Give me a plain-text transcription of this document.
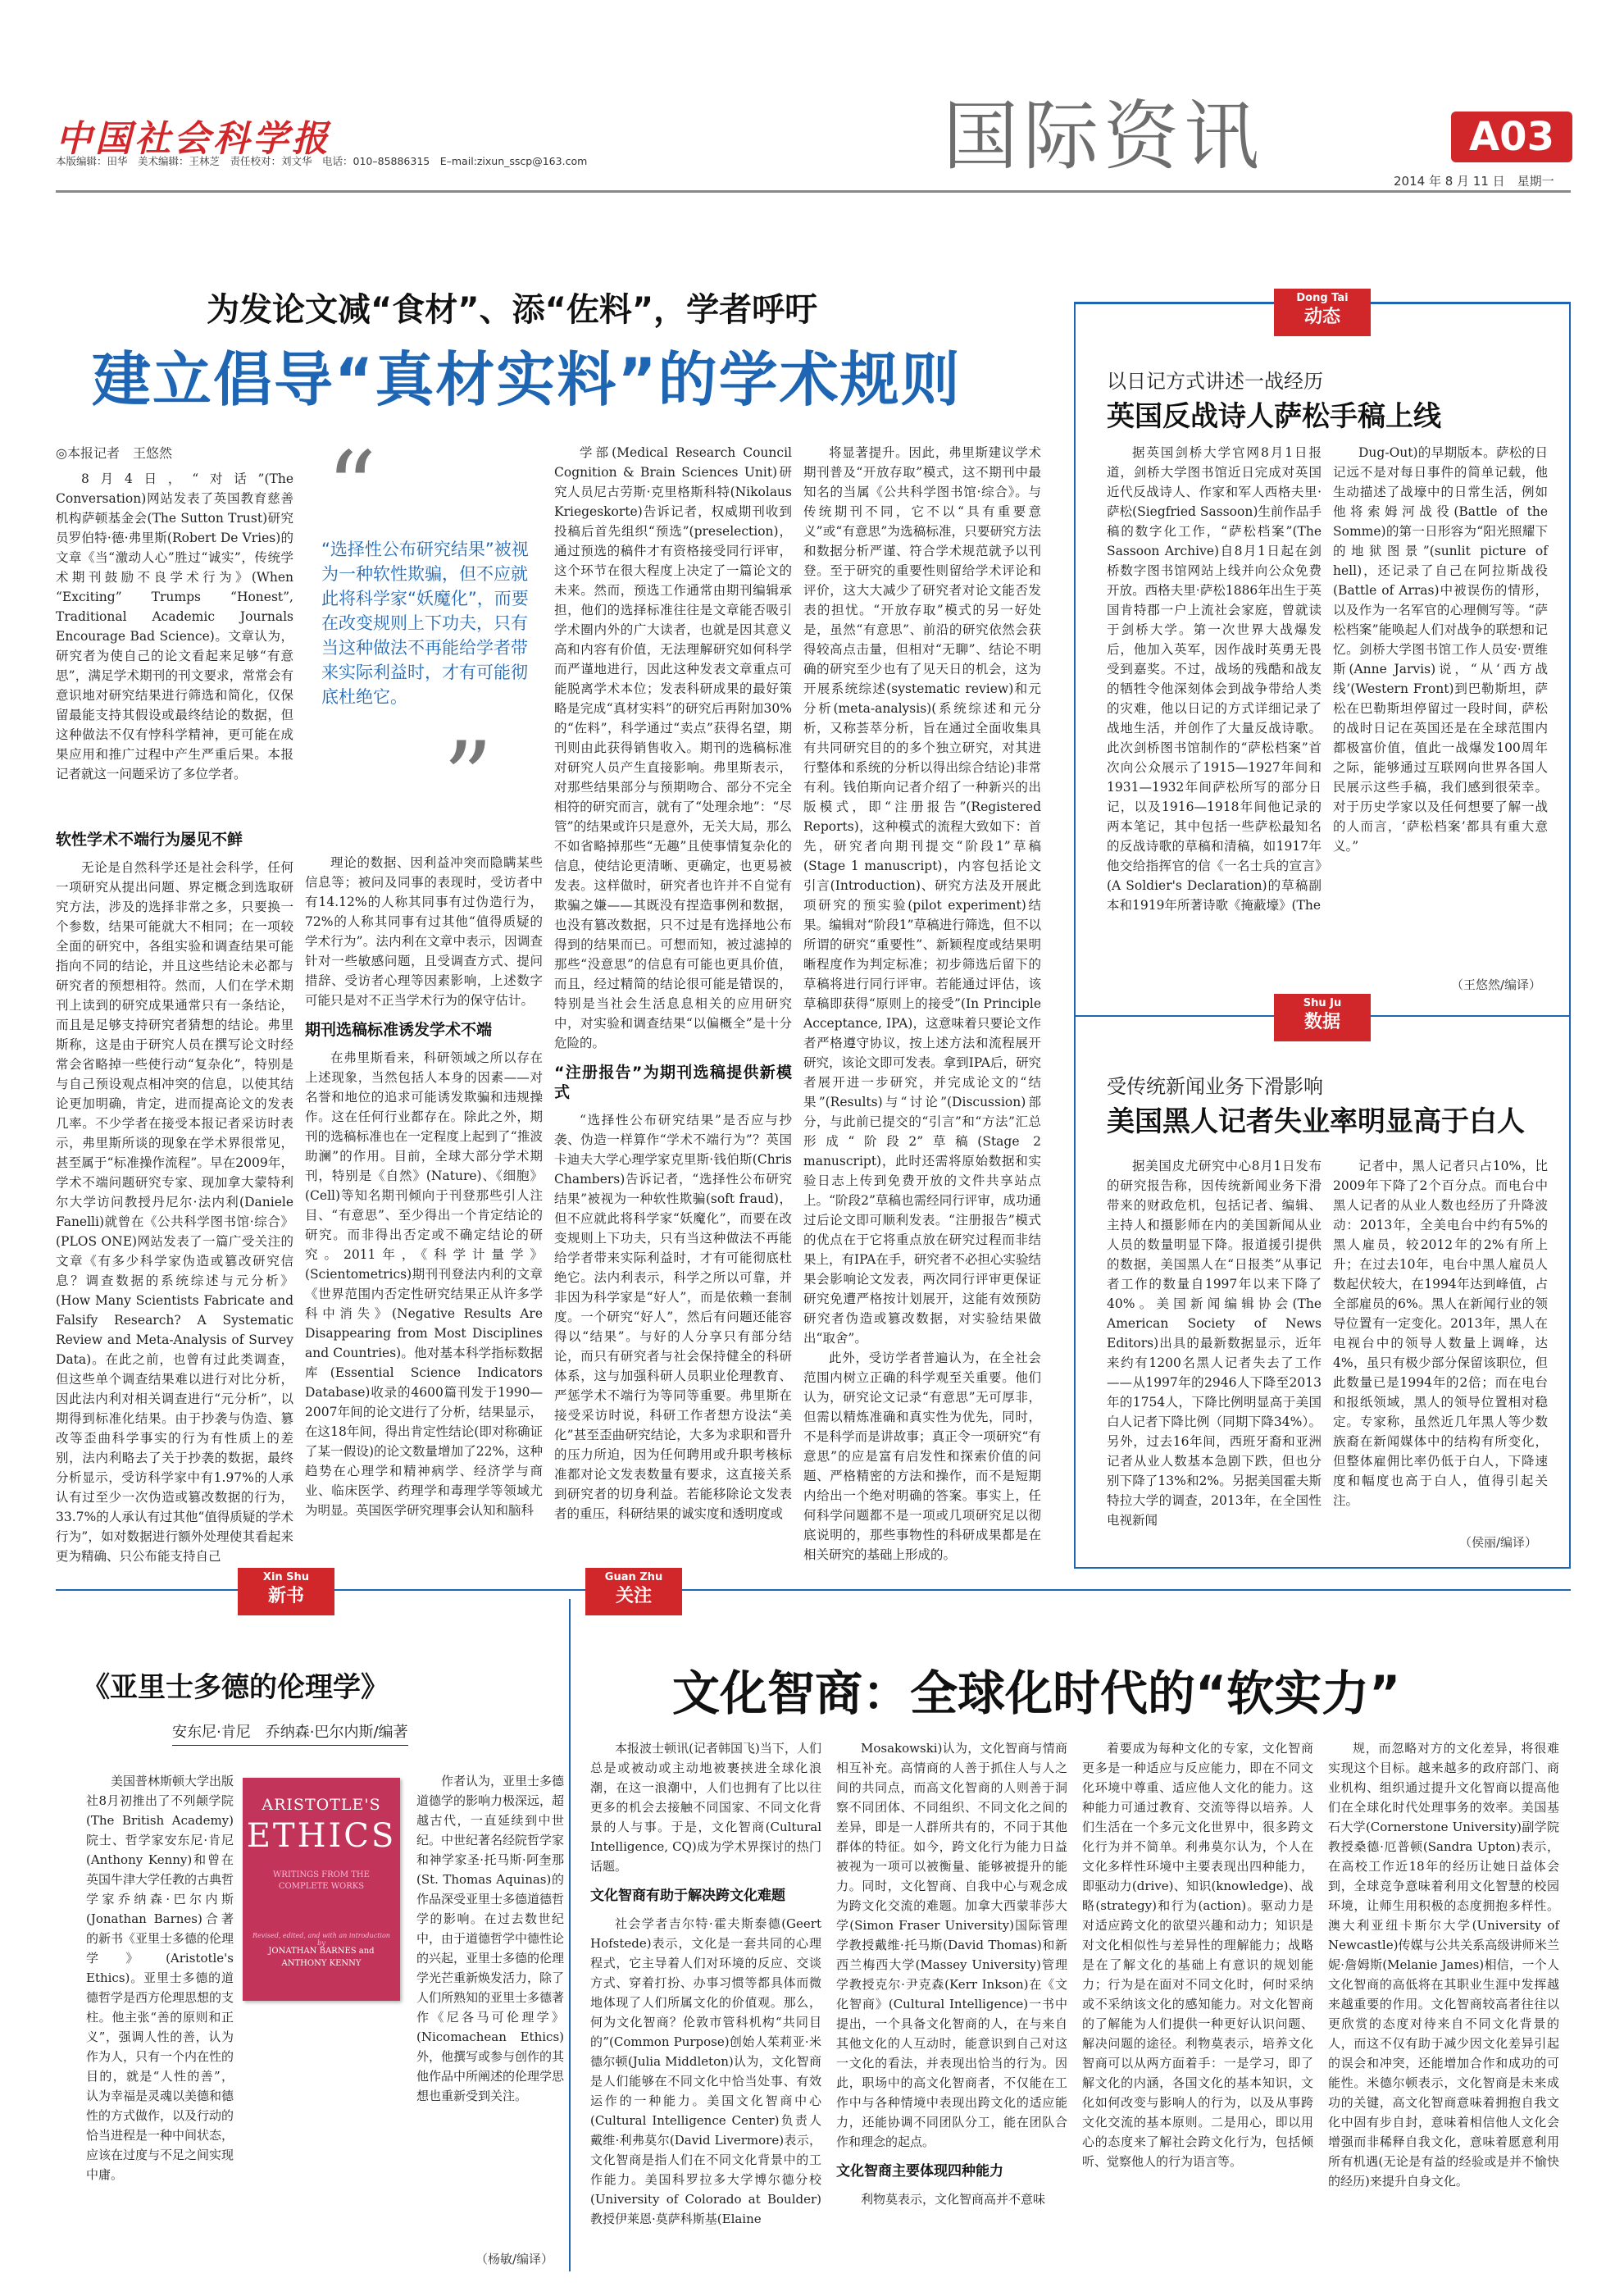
中国社会科学报
本版编辑：田华　美术编辑：王林芝　责任校对：刘文华　电话：010–85886315　E–mail:zixun_sscp@163.com	国际资讯	A03
2014 年 8 月 11 日　星期一
为发论文减“食材”、添“佐料”，学者呼吁
建立倡导“真材实料”的学术规则
◎本报记者　王悠然

8月4日，“对话”(The Conversation)网站发表了英国教育慈善机构萨顿基金会(The Sutton Trust)研究员罗伯特·德·弗里斯(Robert De Vries)的文章《当“激动人心”胜过“诚实”，传统学术期刊鼓励不良学术行为》(When “Exciting” Trumps “Honest”, Traditional Academic Journals Encourage Bad Science)。文章认为，研究者为使自己的论文看起来足够“有意思”，满足学术期刊的刊文要求，常常会有意识地对研究结果进行筛选和简化，仅保留最能支持其假设或最终结论的数据，但这种做法不仅有悖科学精神，更可能在成果应用和推广过程中产生严重后果。本报记者就这一问题采访了多位学者。

“
“选择性公布研究结果”被视为一种软性欺骗，但不应就此将科学家“妖魔化”，而要在改变规则上下功夫，只有当这种做法不再能给学者带来实际利益时，才有可能彻底杜绝它。
”
软性学术不端行为屡见不鲜

无论是自然科学还是社会科学，任何一项研究从提出问题、界定概念到选取研究方法，涉及的选择非常之多，只要换一个参数，结果可能就大不相同；在一项较全面的研究中，各组实验和调查结果可能指向不同的结论，并且这些结论未必都与研究者的预想相符。然而，人们在学术期刊上读到的研究成果通常只有一条结论，而且是足够支持研究者猜想的结论。弗里斯称，这是由于研究人员在撰写论文时经常会省略掉一些使行动“复杂化”，特别是与自己预设观点相冲突的信息，以使其结论更加明确，肯定，进而提高论文的发表几率。不少学者在接受本报记者采访时表示，弗里斯所谈的现象在学术界很常见，甚至属于“标准操作流程”。早在2009年，学术不端问题研究专家、现加拿大蒙特利尔大学访问教授丹尼尔·法内利(Daniele Fanelli)就曾在《公共科学图书馆·综合》(PLOS ONE)网站发表了一篇广受关注的文章《有多少科学家伪造或篡改研究信息？调查数据的系统综述与元分析》(How Many Scientists Fabricate and Falsify Research? A Systematic Review and Meta-Analysis of Survey Data)。在此之前，也曾有过此类调查，但这些单个调查结果难以进行对比分析，因此法内利对相关调查进行“元分析”，以期得到标准化结果。由于抄袭与伪造、篡改等歪曲科学事实的行为有性质上的差别，法内利略去了关于抄袭的数据，最终分析显示，受访科学家中有1.97%的人承认有过至少一次伪造或篡改数据的行为，33.7%的人承认有过其他“值得质疑的学术行为”，如对数据进行额外处理使其看起来更为精确、只公布能支持自己

理论的数据、因利益冲突而隐瞒某些信息等；被问及同事的表现时，受访者中有14.12%的人称其同事有过伪造行为，72%的人称其同事有过其他“值得质疑的学术行为”。法内利在文章中表示，因调查针对一些敏感问题，且受调查方式、提问措辞、受访者心理等因素影响，上述数字可能只是对不正当学术行为的保守估计。

期刊选稿标准诱发学术不端

在弗里斯看来，科研领域之所以存在上述现象，当然包括人本身的因素——对名誉和地位的追求可能诱发欺骗和违规操作。这在任何行业都存在。除此之外，期刊的选稿标准也在一定程度上起到了“推波助澜”的作用。目前，全球大部分学术期刊，特别是《自然》(Nature)、《细胞》(Cell)等知名期刊倾向于刊登那些引人注目、“有意思”、至少得出一个肯定结论的研究。而非得出否定或不确定结论的研究。2011年，《科学计量学》(Scientometrics)期刊刊登法内利的文章《世界范围内否定性研究结果正从许多学科中消失》(Negative Results Are Disappearing from Most Disciplines and Countries)。他对基本科学指标数据库(Essential Science Indicators Database)收录的4600篇刊发于1990—2007年间的论文进行了分析，结果显示，在这18年间，得出肯定性结论(即对称确证了某一假设)的论文数量增加了22%，这种趋势在心理学和精神病学、经济学与商业、临床医学、药理学和毒理学等领域尤为明显。英国医学研究理事会认知和脑科

学部(Medical Research Council Cognition & Brain Sciences Unit)研究人员尼古劳斯·克里格斯科特(Nikolaus Kriegeskorte)告诉记者，权威期刊收到投稿后首先组织“预选”(preselection)，通过预选的稿件才有资格接受同行评审，这个环节在很大程度上决定了一篇论文的未来。然而，预选工作通常由期刊编辑承担，他们的选择标准往往是文章能否吸引学术圈内外的广大读者，也就是因其意义高和内容有价值，无法理解研究如何科学而严谨地进行，因此这种发表文章重点可能脱离学术本位；发表科研成果的最好策略是完成“真材实料”的研究后再附加30%的“佐料”，科学通过“卖点”获得名望，期刊则由此获得销售收入。期刊的选稿标准对研究人员产生直接影响。弗里斯表示，对那些结果部分与预期吻合、部分不完全相符的研究而言，就有了“处理余地”：“尽管”的结果或许只是意外，无关大局，那么不如省略掉那些“无趣”且使事情复杂化的信息，使结论更清晰、更确定，也更易被发表。这样做时，研究者也许并不自觉有欺骗之嫌——其既没有捏造事例和数据，也没有篡改数据，只不过是有选择地公布得到的结果而已。可想而知，被过滤掉的那些“没意思”的信息有可能也更具价值，而且，经过精简的结论很可能是错误的，特别是当社会生活息息相关的应用研究中，对实验和调查结果“以偏概全”是十分危险的。

“注册报告”为期刊选稿提供新模式

“选择性公布研究结果”是否应与抄袭、伪造一样算作“学术不端行为”？英国卡迪夫大学心理学家克里斯·钱伯斯(Chris Chambers)告诉记者，“选择性公布研究结果”被视为一种软性欺骗(soft fraud)，但不应就此将科学家“妖魔化”，而要在改变规则上下功夫，只有当这种做法不再能给学者带来实际利益时，才有可能彻底杜绝它。法内利表示，科学之所以可靠，并非因为科学家是“好人”，而是依赖一套制度。一个研究“好人”，然后有问题还能容得以“结果”。与好的人分享只有部分结论，而只有研究者与社会保持健全的科研体系，这与加强科研人员职业伦理教育、严惩学术不端行为等同等重要。弗里斯在接受采访时说，科研工作者想方设法“美化”甚至歪曲研究结论，大多为求职和晋升的压力所迫，因为任何聘用或升职考核标准都对论文发表数量有要求，这直接关系到研究者的切身利益。若能移除论文发表者的重压，科研结果的诚实度和透明度或

将显著提升。因此，弗里斯建议学术期刊普及“开放存取”模式，这不期刊中最知名的当属《公共科学图书馆·综合》。与传统期刊不同，它不以“具有重要意义”或“有意思”为选稿标准，只要研究方法和数据分析严谨、符合学术规范就予以刊登。至于研究的重要性则留给学术评论和评价，这大大减少了研究者对论文能否发表的担忧。“开放存取”模式的另一好处是，虽然“有意思”、前沿的研究依然会获得较高点击量，但相对“无聊”、结论不明确的研究至少也有了见天日的机会，这为开展系统综述(systematic review)和元分析(meta-analysis)(系统综述和元分析，又称荟萃分析，旨在通过全面收集具有共同研究目的的多个独立研究，对其进行整体和系统的分析以得出综合结论)非常有利。钱伯斯向记者介绍了一种新兴的出版模式，即“注册报告”(Registered Reports)，这种模式的流程大致如下：首先，研究者向期刊提交“阶段1”草稿(Stage 1 manuscript)，内容包括论文引言(Introduction)、研究方法及开展此项研究的预实验(pilot experiment)结果。编辑对“阶段1”草稿进行筛选，但不以所谓的研究“重要性”、新颖程度或结果明晰程度作为判定标准；初步筛选后留下的草稿将进行同行评审。若能通过评估，该草稿即获得“原则上的接受”(In Principle Acceptance, IPA)，这意味着只要论文作者严格遵守协议，按上述方法和流程展开研究，该论文即可发表。拿到IPA后，研究者展开进一步研究，并完成论文的“结果”(Results)与“讨论”(Discussion)部分，与此前已提交的“引言”和“方法”汇总形成“阶段2”草稿(Stage 2 manuscript)，此时还需将原始数据和实验日志上传到免费开放的文件共享站点上。“阶段2”草稿也需经同行评审，成功通过后论文即可顺利发表。“注册报告”模式的优点在于它将重点放在研究过程而非结果上，有IPA在手，研究者不必担心实验结果会影响论文发表，两次同行评审更保证研究免遭严格按计划展开，这能有效预防研究者伪造或篡改数据，对实验结果做出“取舍”。

此外，受访学者普遍认为，在全社会范围内树立正确的科学观至关重要。他们认为，研究论文记录“有意思”无可厚非，但需以精炼准确和真实性为优先，同时，不是科学而是讲故事；真正令一项研究“有意思”的应是富有启发性和探索价值的问题、严格精密的方法和操作，而不是短期内给出一个绝对明确的答案。事实上，任何科学问题都不是一项或几项研究足以彻底说明的，那些事物性的科研成果都是在相关研究的基础上形成的。

Dong Tai
动态
以日记方式讲述一战经历
英国反战诗人萨松手稿上线

据英国剑桥大学官网8月1日报道，剑桥大学图书馆近日完成对英国近代反战诗人、作家和军人西格夫里·萨松(Siegfried Sassoon)生前作品手稿的数字化工作，“萨松档案”(The Sassoon Archive)自8月1日起在剑桥数字图书馆网站上线并向公众免费开放。西格夫里·萨松1886年出生于英国肯特郡一户上流社会家庭，曾就读于剑桥大学。第一次世界大战爆发后，他加入英军，因作战时英勇无畏受到嘉奖。不过，战场的残酷和战友的牺牲令他深刻体会到战争带给人类的灾难，他以日记的方式详细记录了战地生活，并创作了大量反战诗歌。此次剑桥图书馆制作的“萨松档案”首次向公众展示了1915—1927年间和1931—1932年间萨松所写的部分日记，以及1916—1918年间他记录的两本笔记，其中包括一些萨松最知名的反战诗歌的草稿和清稿，如1917年他交给指挥官的信《一名士兵的宣言》(A Soldier's Declaration)的草稿副本和1919年所著诗歌《掩蔽壕》(The

Dug-Out)的早期版本。萨松的日记远不是对每日事件的简单记载，他生动描述了战壕中的日常生活，例如他将索姆河战役(Battle of the Somme)的第一日形容为“阳光照耀下的地狱图景”(sunlit picture of hell)，还记录了自己在阿拉斯战役(Battle of Arras)中被误伤的情形，以及作为一名军官的心理侧写等。“萨松档案”能唤起人们对战争的联想和记忆。剑桥大学图书馆工作人员安·贾维斯(Anne Jarvis)说，“从‘西方战线’(Western Front)到巴勒斯坦，萨松在巴勒斯坦停留过一段时间，萨松的战时日记在英国还是在全球范围内都极富价值，值此一战爆发100周年之际，能够通过互联网向世界各国人民展示这些手稿，我们感到很荣幸。对于历史学家以及任何想要了解一战的人而言，‘萨松档案’都具有重大意义。”

（王悠然/编译）
Shu Ju
数据
受传统新闻业务下滑影响
美国黑人记者失业率明显高于白人

据美国皮尤研究中心8月1日发布的研究报告称，因传统新闻业务下滑带来的财政危机，包括记者、编辑、主持人和摄影师在内的美国新闻从业人员的数量明显下降。报道援引提供的数据，美国黑人在“日报类”从事记者工作的数量自1997年以来下降了40%。美国新闻编辑协会(The American Society of News Editors)出具的最新数据显示，近年来约有1200名黑人记者失去了工作——从1997年的2946人下降至2013年的1754人，下降比例明显高于美国白人记者下降比例（同期下降34%）。另外，过去16年间，西班牙裔和亚洲记者从业人数基本急剧下跌，但也分别下降了13%和2%。另据美国霍夫斯特拉大学的调查，2013年，在全国性电视新闻

记者中，黑人记者只占10%，比2009年下降了2个百分点。而电台中黑人记者的从业人数也经历了升降波动：2013年，全美电台中约有5%的黑人雇员，较2012年的2%有所上升；在过去10年，电台中黑人雇员人数起伏较大，在1994年达到峰值，占全部雇员的6%。黑人在新闻行业的领导位置有一定变化。2013年，黑人在电视台中的领导人数量上调峰，达4%，虽只有极少部分保留该职位，但此数量已是1994年的2倍；而在电台和报纸领域，黑人的领导位置相对稳定。专家称，虽然近几年黑人等少数族裔在新闻媒体中的结构有所变化，但整体雇佣比率仍低于白人，下降速度和幅度也高于白人，值得引起关注。

（侯丽/编译）
Xin Shu
新书
《亚里士多德的伦理学》
安东尼·肯尼　乔纳森·巴尔内斯/编著

美国普林斯顿大学出版社8月初推出了不列颠学院(The British Academy)院士、哲学家安东尼·肯尼(Anthony Kenny)和曾在英国牛津大学任教的古典哲学家乔纳森·巴尔内斯(Jonathan Barnes)合著的新书《亚里士多德的伦理学》(Aristotle's Ethics)。亚里士多德的道德哲学是西方伦理思想的支柱。他主张“善的原则和正义”，强调人性的善，认为作为人，只有一个内在性的目的，就是“人性的善”，认为幸福是灵魂以美德和德性的方式做作，以及行动的恰当进程是一种中间状态，应该在过度与不足之间实现中庸。

ARISTOTLE'S
ETHICS
WRITINGS FROM THE COMPLETE WORKS
Revised, edited, and with an introduction by
JONATHAN BARNES and ANTHONY KENNY

作者认为，亚里士多德道德学的影响力极深远，超越古代，一直延续到中世纪。中世纪著名经院哲学家和神学家圣·托马斯·阿奎那(St. Thomas Aquinas)的作品深受亚里士多德道德哲学的影响。在过去数世纪中，由于道德哲学中德性论的兴起，亚里士多德的伦理学光芒重新焕发活力，除了人们所熟知的亚里士多德著作《尼各马可伦理学》(Nicomachean Ethics)外，他撰写或参与创作的其他作品中所阐述的伦理学思想也重新受到关注。

（杨敏/编译）
Guan Zhu
关注
文化智商：全球化时代的“软实力”

本报波士顿讯(记者韩国飞)当下，人们总是或被动或主动地被裹挟进全球化浪潮，在这一浪潮中，人们也拥有了比以往更多的机会去接触不同国家、不同文化背景的人与事。于是，文化智商(Cultural Intelligence, CQ)成为学术界探讨的热门话题。

文化智商有助于解决跨文化难题

社会学者吉尔特·霍夫斯泰德(Geert Hofstede)表示，文化是一套共同的心理程式，它主导着人们对环境的反应、交谈方式、穿着打扮、办事习惯等都具体而微地体现了人们所属文化的价值观。那么，何为文化智商？伦敦市管科机构“共同目的”(Common Purpose)创始人茱莉亚·米德尔顿(Julia Middleton)认为，文化智商是人们能够在不同文化中恰当处事、有效运作的一种能力。美国文化智商中心(Cultural Intelligence Center)负责人戴维·利弗莫尔(David Livermore)表示，文化智商是指人们在不同文化背景中的工作能力。美国科罗拉多大学博尔德分校(University of Colorado at Boulder)教授伊莱恩·莫萨科斯基(Elaine

Mosakowski)认为，文化智商与情商相互补充。高情商的人善于抓住人与人之间的共同点，而高文化智商的人则善于洞察不同团体、不同组织、不同文化之间的差异，即是一人群所共有的，不同于其他群体的特征。如今，跨文化行为能力日益被视为一项可以被衡量、能够被提升的能力。同时，文化智商、自我中心与观念成为跨文化交流的难题。加拿大西蒙菲莎大学(Simon Fraser University)国际管理学教授戴维·托马斯(David Thomas)和新西兰梅西大学(Massey University)管理学教授克尔·尹克森(Kerr Inkson)在《文化智商》(Cultural Intelligence)一书中提出，一个具备文化智商的人，在与来自其他文化的人互动时，能意识到自己对这一文化的看法，并表现出恰当的行为。因此，职场中的高文化智商者，不仅能在工作中与各种情境中表现出跨文化的适应能力，还能协调不同团队分工，能在团队合作和理念的起点。

文化智商主要体现四种能力

利物莫表示，文化智商高并不意味

着要成为每种文化的专家，文化智商更多是一种适应与反应能力，即在不同文化环境中尊重、适应他人文化的能力。这种能力可通过教育、交流等得以培养。人们生活在一个多元文化世界中，很多跨文化行为并不简单。利弗莫尔认为，个人在文化多样性环境中主要表现出四种能力，即驱动力(drive)、知识(knowledge)、战略(strategy)和行为(action)。驱动力是对适应跨文化的欲望兴趣和动力；知识是对文化相似性与差异性的理解能力；战略是在了解文化的基础上有意识的规划能力；行为是在面对不同文化时，何时采纳或不采纳该文化的感知能力。对文化智商的了解能为人们提供一种更好认识问题、解决问题的途径。利物莫表示，培养文化智商可以从两方面着手：一是学习，即了解文化的内涵，各国文化的基本知识，文化如何改变与影响人的行为，以及从事跨文化交流的基本原则。二是用心，即以用心的态度来了解社会跨文化行为，包括倾听、觉察他人的行为语言等。

规，而忽略对方的文化差异，将很难实现这个目标。越来越多的政府部门、商业机构、组织通过提升文化智商以提高他们在全球化时代处理事务的效率。美国基石大学(Cornerstone University)副学院教授桑德·厄普顿(Sandra Upton)表示，在高校工作近18年的经历让她日益体会到，全球竞争意味着利用文化智慧的校园环境，让师生用积极的态度拥抱多样性。澳大利亚纽卡斯尔大学(University of Newcastle)传媒与公共关系高级讲师米兰妮·詹姆斯(Melanie James)相信，一个人文化智商的高低将在其职业生涯中发挥越来越重要的作用。文化智商较高者往往以更欣赏的态度对待来自不同文化背景的人，而这不仅有助于减少因文化差异引起的误会和冲突，还能增加合作和成功的可能性。米德尔顿表示，文化智商是未来成功的关键，高文化智商意味着拥抱自我文化中固有步自封，意味着相信他人文化会增强而非稀释自我文化，意味着愿意利用所有机遇(无论是有益的经验或是并不愉快的经历)来提升自身文化。
